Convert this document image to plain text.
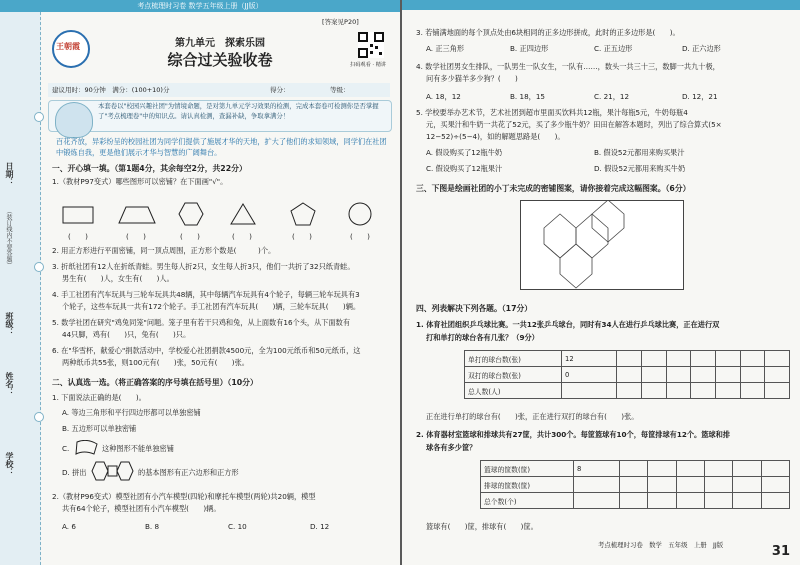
考点梳理时习卷 数学五年级上册（JJ版）
日期：
（装订线内不要答题）
班级：
姓名：
学校：
王朝霞
[答案见P20]
第九单元　探索乐园
综合过关验收卷	扫码观看 · 精讲
建议用时：90分钟　满分：(100+10)分	得分：	等级：
本套卷以"校园兴趣社团"为情境命题，是对第九单元学习效果的检测，完成本套卷可检测你是否掌握了"考点梳理卷"中的知识点。请认真检测，查漏补缺，争取拿满分！
百花齐放，异彩纷呈的校园社团为同学们提供了施展才华的天地，扩大了他们的求知领域，同学们在社团中锻炼自我，更是他们展示才华与智慧的广阔舞台。
一、开心填一填。（第1题4分，其余每空2分，共22分）
1.（教材P97变式）哪些图形可以密铺？在下面画"√"。
(　　)	(　　)	(　　)	(　　)	(　　)	(　　)
2. 用正方形进行平面密铺，同一顶点周围，正方形个数是(　　　)个。
3. 折纸社团有12人在折纸青蛙。男生每人折2只，女生每人折3只，他们一共折了32只纸青蛙。
男生有(　　)人，女生有(　　)人。
4. 手工社团有汽车玩具与三轮车玩具共48辆，其中每辆汽车玩具有4个轮子，每辆三轮车玩具有3
个轮子，这些车玩具一共有172个轮子。手工社团有汽车玩具(　　)辆，三轮车玩具(　　)辆。
5. 数学社团在研究"鸡兔同笼"问题。笼子里有若干只鸡和兔，从上面数有16个头，从下面数有
44只脚，鸡有(　　)只，兔有(　　)只。
6. 在"华雪杯，献爱心"捐款活动中，学校爱心社团捐款4500元，全为100元纸币和50元纸币，这
两种纸币共55张，则100元有(　　)张，50元有(　　)张。
二、认真选一选。（将正确答案的序号填在括号里）（10分）
1. 下面说法正确的是(　　)。
A. 等边三角形和平行四边形都可以单独密铺
B. 五边形可以单独密铺
C.	这种图形不能单独密铺
D. 拼出	的基本图形有正六边形和正方形
2.（教材P96变式）模型社团有小汽车模型(四轮)和摩托车模型(两轮)共20辆，模型
共有64个轮子，模型社团有小汽车模型(　　)辆。
A. 6	B. 8	C. 10	D. 12
3. 若铺满地面的每个顶点处由6块相同的正多边形拼成，此时的正多边形是(　　)。
A. 正三角形	B. 正四边形	C. 正五边形	D. 正六边形
4. 数学社团男女生排队，一队男生一队女生，一队有……，数头一共三十三，数脚一共九十极，
问有多少猫羊多少狗？(　　)
A. 18，12	B. 18，15	C. 21，12	D. 12，21
5. 学校要举办艺术节，艺术社团到超市里面买饮料共12瓶，果汁每瓶5元，牛奶每瓶4
元，买果汁和牛奶一共花了52元，买了多少瓶牛奶？田田在解答本题时，列出了综合算式(5×
12−52)÷(5−4)，如的解题思路是(　　)。
A. 假设购买了12瓶牛奶	B. 假设52元都用来购买果汁
C. 假设购买了12瓶果汁	D. 假设52元都用来购买牛奶
三、下图是绘画社团的小丁未完成的密铺图案，请你接着完成这幅图案。（6分）
四、列表解决下列各题。（17分）
1. 体育社团组织乒乓球比赛。一共12张乒乓球台，同时有34人在进行乒乓球比赛，正在进行双
打和单打的球台各有几张？（9分）
单打的球台数(张)	12							
双打的球台数(张)	0							
总人数(人)								
正在进行单打的球台有(　　)张，正在进行双打的球台有(　　)张。
2. 体育器材室篮球和排球共有27筐，共计300个。每筐篮球有10个，每筐排球有12个。篮球和排
球各有多少筐？
篮球的筐数(筐)	8						
排球的筐数(筐)							
总个数(个)							
篮球有(　　)筐，排球有(　　)筐。
考点梳理时习卷　数学　五年级　上册　JJ版	31
